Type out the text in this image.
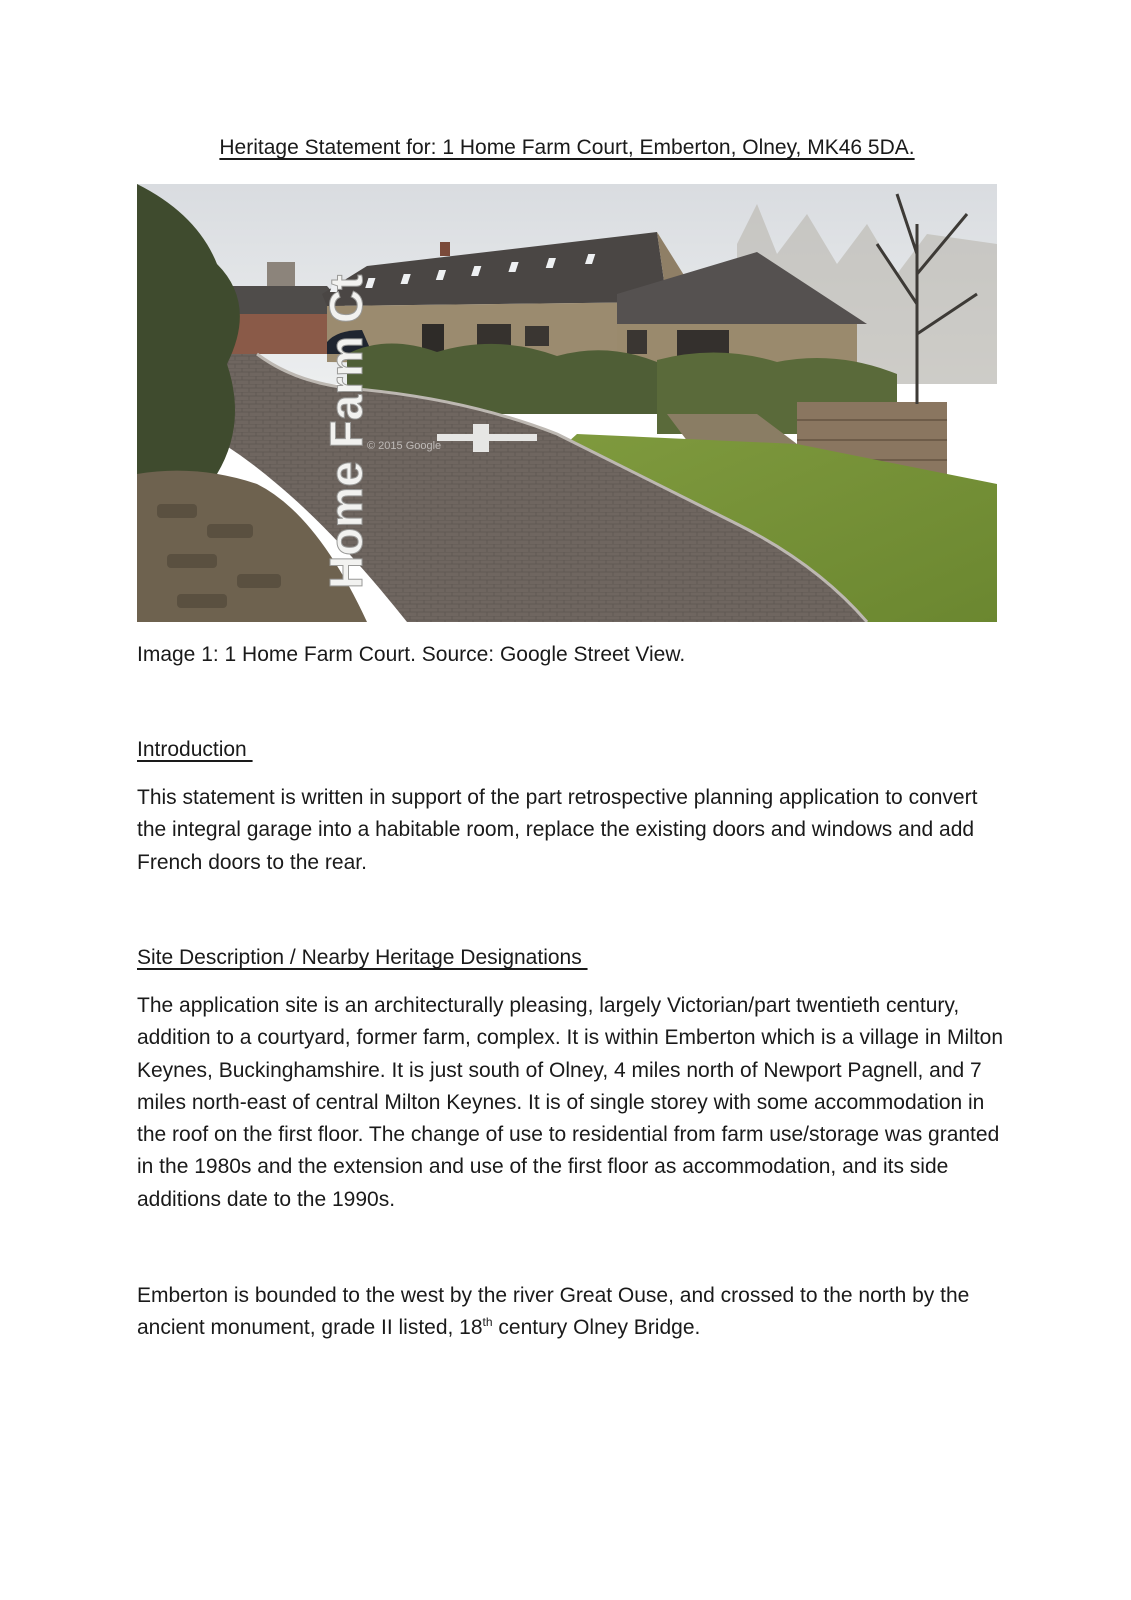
Heritage Statement for: 1 Home Farm Court, Emberton, Olney, MK46 5DA.
Home Farm Ct
© 2015 Google
Image 1: 1 Home Farm Court. Source: Google Street View.
Introduction

This statement is written in support of the part retrospective planning application to convert the integral garage into a habitable room, replace the existing doors and windows and add French doors to the rear.

Site Description / Nearby Heritage Designations

The application site is an architecturally pleasing, largely Victorian/part twentieth century, addition to a courtyard, former farm, complex. It is within Emberton which is a village in Milton Keynes, Buckinghamshire. It is just south of Olney, 4 miles north of Newport Pagnell, and 7 miles north-east of central Milton Keynes. It is of single storey with some accommodation in the roof on the first floor. The change of use to residential from farm use/storage was granted in the 1980s and the extension and use of the first floor as accommodation, and its side additions date to the 1990s.

Emberton is bounded to the west by the river Great Ouse, and crossed to the north by the ancient monument, grade II listed, 18th century Olney Bridge.
